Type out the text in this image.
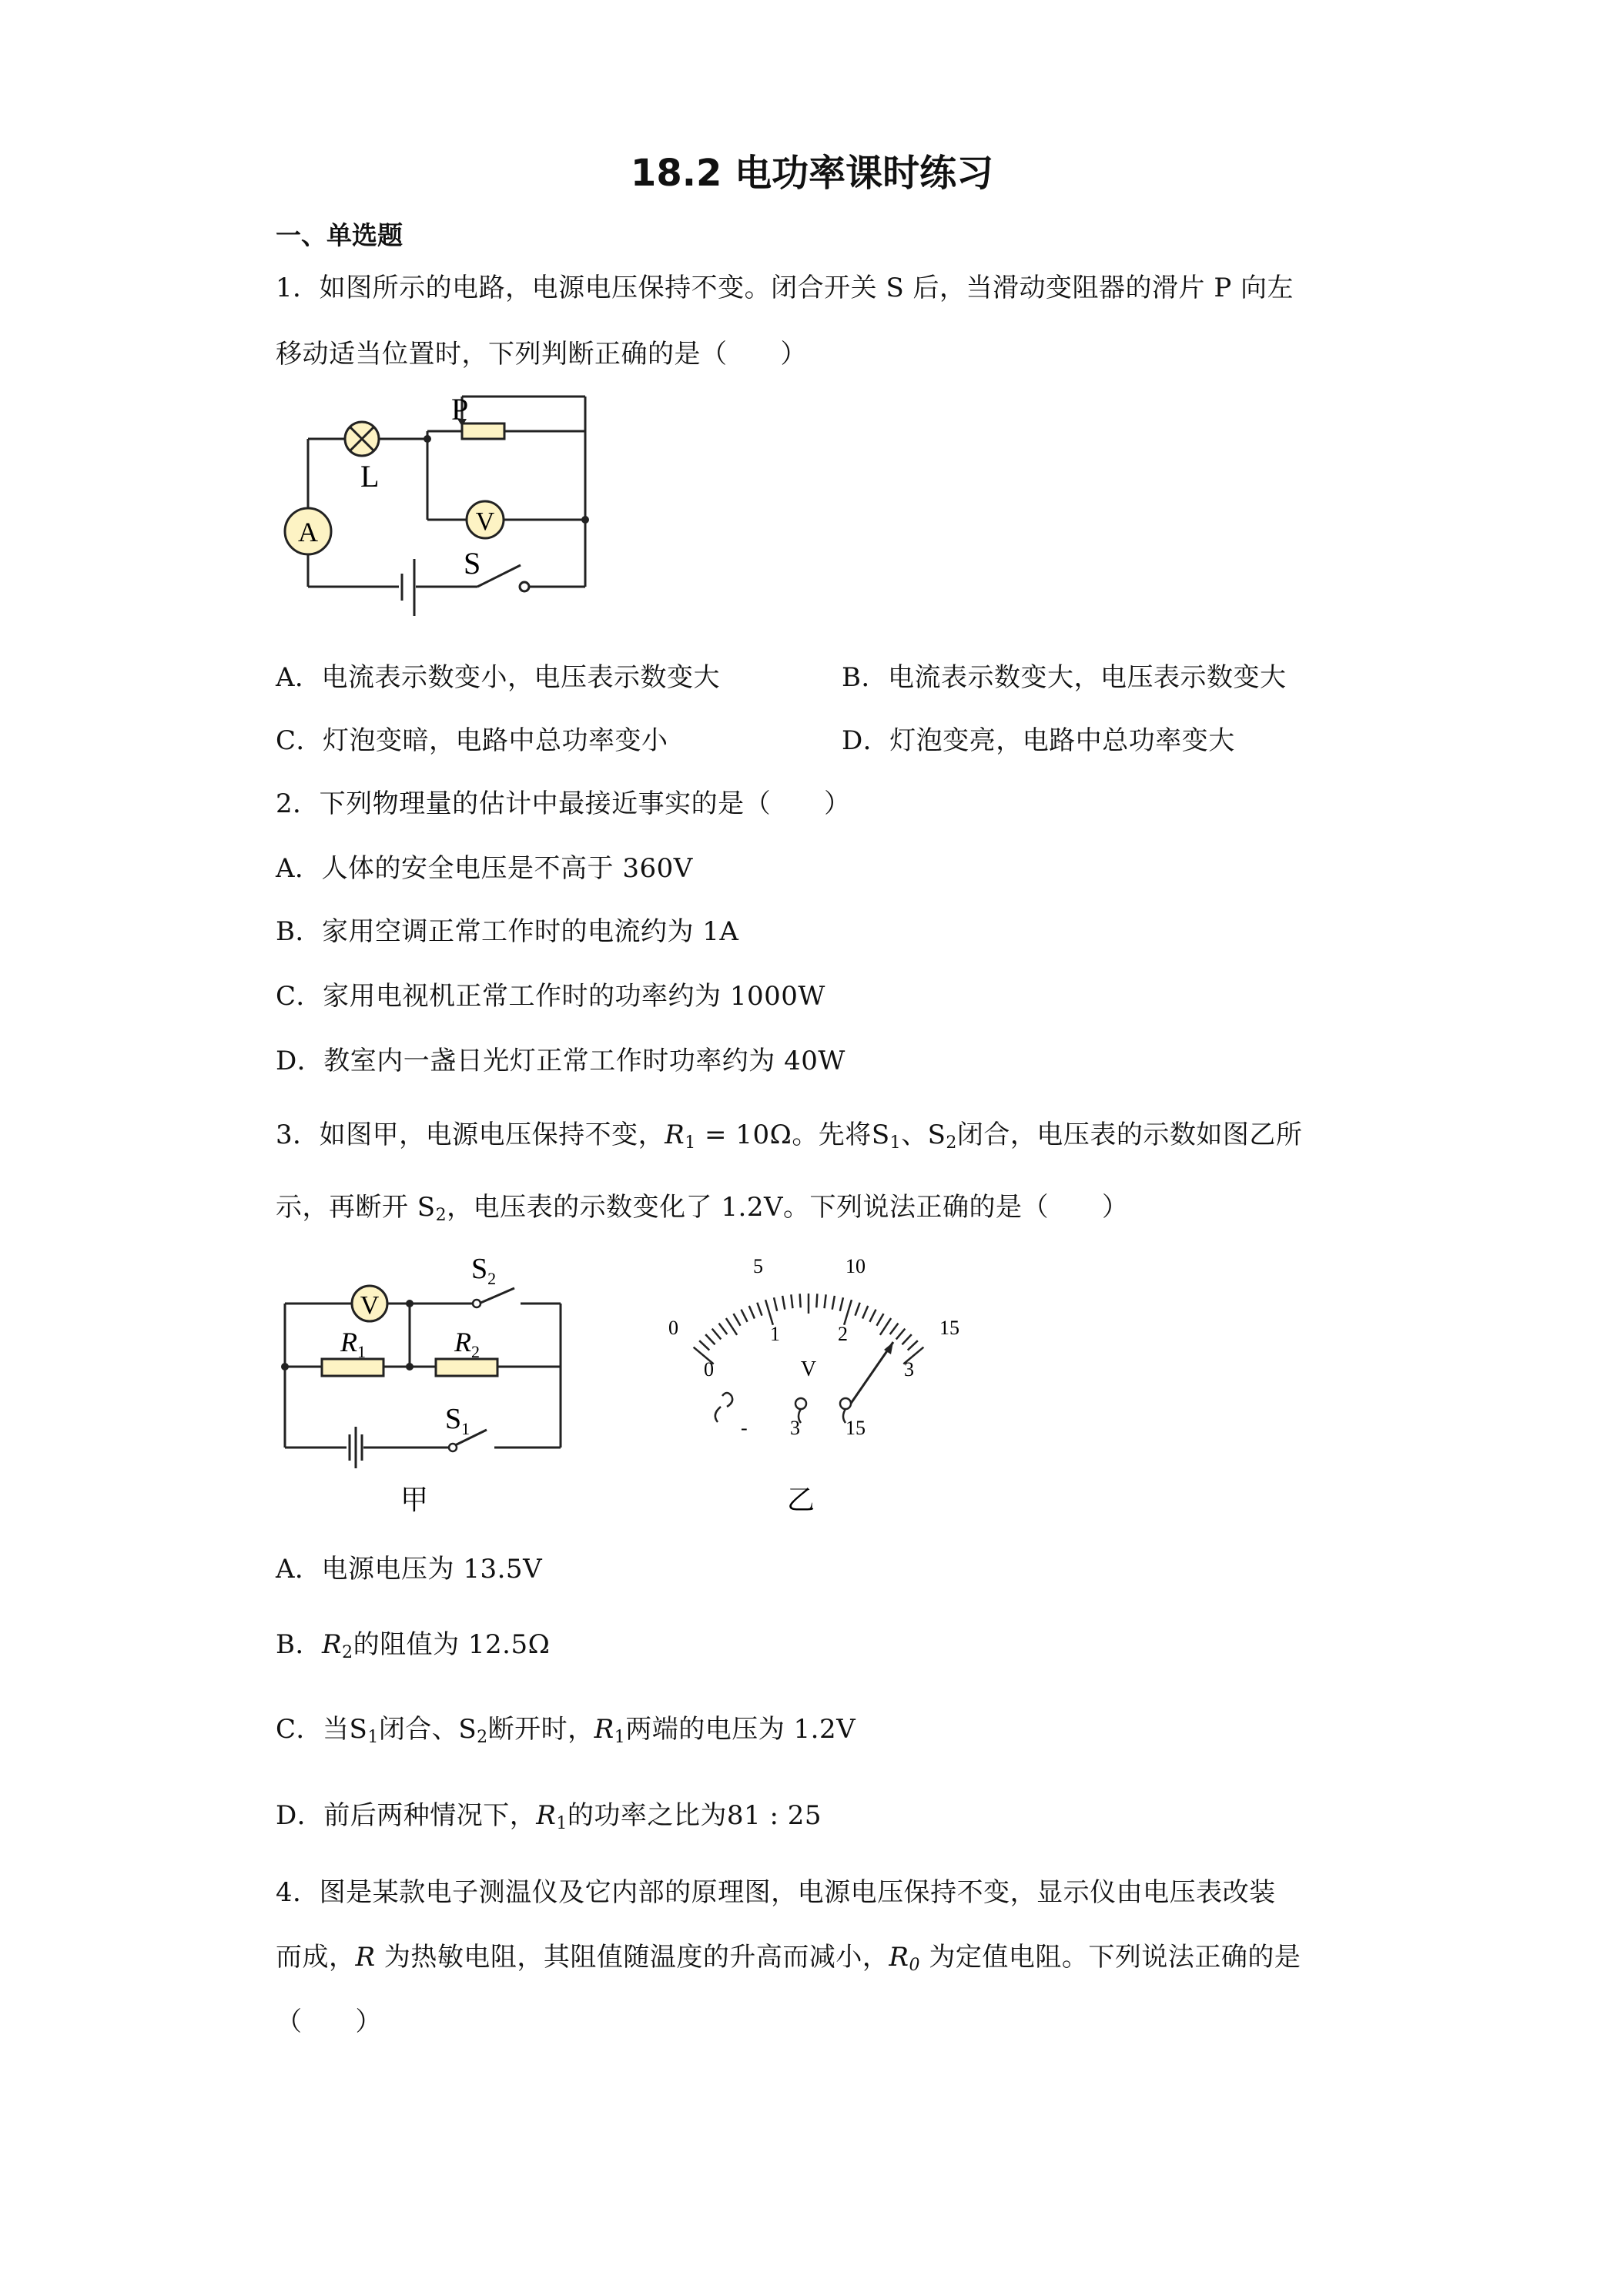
18.2 电功率课时练习
一、单选题
1．如图所示的电路，电源电压保持不变。闭合开关 S 后，当滑动变阻器的滑片 P 向左
移动适当位置时，下列判断正确的是（　　）
A	V
P
L
S
A．电流表示数变小，电压表示数变大	B．电流表示数变大，电压表示数变大
C．灯泡变暗，电路中总功率变小	D．灯泡变亮，电路中总功率变大
2．下列物理量的估计中最接近事实的是（　　）
A．人体的安全电压是不高于 360V
B．家用空调正常工作时的电流约为 1A
C．家用电视机正常工作时的功率约为 1000W
D．教室内一盏日光灯正常工作时功率约为 40W
3．如图甲，电源电压保持不变，$R_1 = 10\Omega$。先将$S_1$、$S_2$闭合，电压表的示数如图乙所
示，再断开 $S_2$，电压表的示数变化了 1.2V。下列说法正确的是（　　）
V
$S_2$
$R_1$	$R_2$
$S_1$
甲
0
5	10
15
0
1	2
3
V
- 3 15
乙
A．电源电压为 13.5V
B．$R_2$的阻值为 12.5Ω
C．当$S_1$闭合、$S_2$断开时，$R_1$两端的电压为 1.2V
D．前后两种情况下，$R_1$的功率之比为81 : 25
4．图是某款电子测温仪及它内部的原理图，电源电压保持不变，显示仪由电压表改装
而成，R 为热敏电阻，其阻值随温度的升高而减小，$R_0$ 为定值电阻。下列说法正确的是
（　　）
